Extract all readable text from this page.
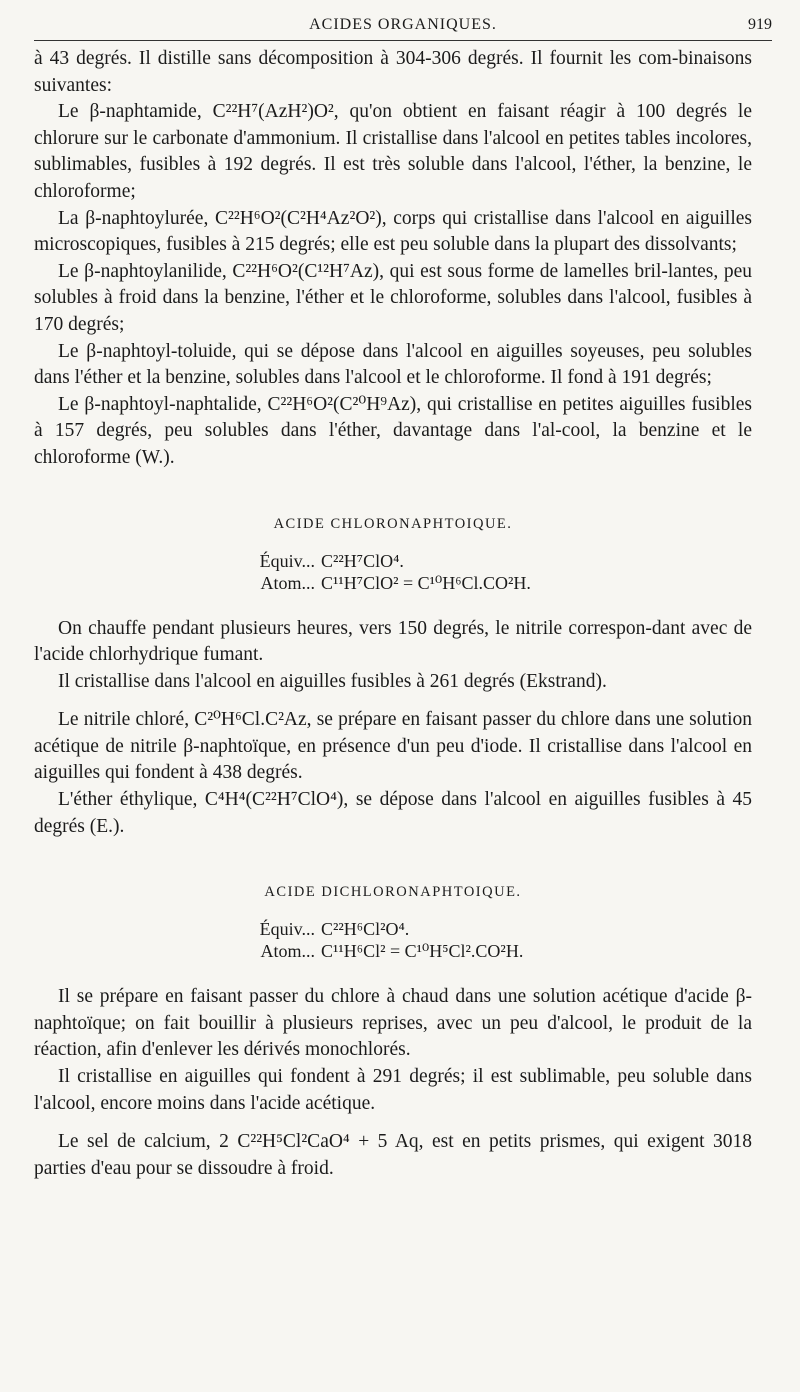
ACIDES ORGANIQUES.	919

à 43 degrés. Il distille sans décomposition à 304-306 degrés. Il fournit les com-binaisons suivantes:

Le β-naphtamide, C²²H⁷(AzH²)O², qu'on obtient en faisant réagir à 100 degrés le chlorure sur le carbonate d'ammonium. Il cristallise dans l'alcool en petites tables incolores, sublimables, fusibles à 192 degrés. Il est très soluble dans l'alcool, l'éther, la benzine, le chloroforme;

La β-naphtoylurée, C²²H⁶O²(C²H⁴Az²O²), corps qui cristallise dans l'alcool en aiguilles microscopiques, fusibles à 215 degrés; elle est peu soluble dans la plupart des dissolvants;

Le β-naphtoylanilide, C²²H⁶O²(C¹²H⁷Az), qui est sous forme de lamelles bril-lantes, peu solubles à froid dans la benzine, l'éther et le chloroforme, solubles dans l'alcool, fusibles à 170 degrés;

Le β-naphtoyl-toluide, qui se dépose dans l'alcool en aiguilles soyeuses, peu solubles dans l'éther et la benzine, solubles dans l'alcool et le chloroforme. Il fond à 191 degrés;

Le β-naphtoyl-naphtalide, C²²H⁶O²(C²⁰H⁹Az), qui cristallise en petites aiguilles fusibles à 157 degrés, peu solubles dans l'éther, davantage dans l'al-cool, la benzine et le chloroforme (W.).

ACIDE CHLORONAPHTOIQUE.

Équiv... C²²H⁷ClO⁴.
Atom... C¹¹H⁷ClO² = C¹⁰H⁶Cl.CO²H.

On chauffe pendant plusieurs heures, vers 150 degrés, le nitrile correspon-dant avec de l'acide chlorhydrique fumant.

Il cristallise dans l'alcool en aiguilles fusibles à 261 degrés (Ekstrand).

Le nitrile chloré, C²⁰H⁶Cl.C²Az, se prépare en faisant passer du chlore dans une solution acétique de nitrile β-naphtoïque, en présence d'un peu d'iode. Il cristallise dans l'alcool en aiguilles qui fondent à 438 degrés.

L'éther éthylique, C⁴H⁴(C²²H⁷ClO⁴), se dépose dans l'alcool en aiguilles fusibles à 45 degrés (E.).

ACIDE DICHLORONAPHTOIQUE.

Équiv... C²²H⁶Cl²O⁴.
Atom... C¹¹H⁶Cl² = C¹⁰H⁵Cl².CO²H.

Il se prépare en faisant passer du chlore à chaud dans une solution acétique d'acide β-naphtoïque; on fait bouillir à plusieurs reprises, avec un peu d'alcool, le produit de la réaction, afin d'enlever les dérivés monochlorés.

Il cristallise en aiguilles qui fondent à 291 degrés; il est sublimable, peu soluble dans l'alcool, encore moins dans l'acide acétique.

Le sel de calcium, 2 C²²H⁵Cl²CaO⁴ + 5 Aq, est en petits prismes, qui exigent 3018 parties d'eau pour se dissoudre à froid.
